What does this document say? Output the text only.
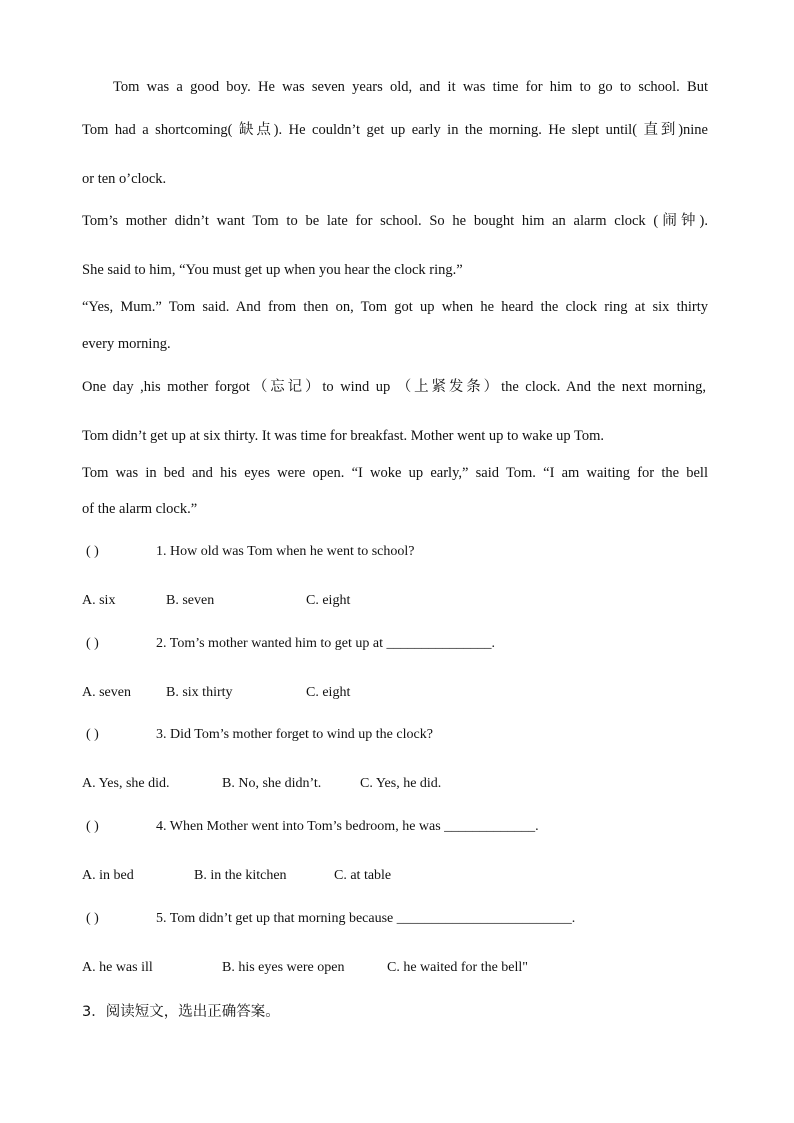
Tom was a good boy. He was seven years old, and it was time for him to go to school. But
Tom had a shortcoming( 缺点). He couldn’t get up early in the morning. He slept until( 直到)nine
or ten o’clock.
Tom’s mother didn’t want Tom to be late for school. So he bought him an alarm clock (闹钟).
She said to him, “You must get up when you hear the clock ring.”
“Yes, Mum.” Tom said. And from then on, Tom got up when he heard the clock ring at six thirty
every morning.
One day ,his mother forgot（忘记）to wind up （上紧发条）the clock. And the next morning,
Tom didn’t get up at six thirty. It was time for breakfast. Mother went up to wake up Tom.
Tom was in bed and his eyes were open. “I woke up early,” said Tom. “I am waiting for the bell
of the alarm clock.”
( )	1. How old was Tom when he went to school?
A. six	B. seven	C. eight
( )	2. Tom’s mother wanted him to get up at _______________.
A. seven	B. six thirty	C. eight
( )	3. Did Tom’s mother forget to wind up the clock?
A. Yes, she did.	B. No, she didn’t.	C. Yes, he did.
( )	4. When Mother went into Tom’s bedroom, he was _____________.
A. in bed	B. in the kitchen	C. at table
( )	5. Tom didn’t get up that morning because _________________________.
A. he was ill	B. his eyes were open	C. he waited for the bell"
3．阅读短文，选出正确答案。
